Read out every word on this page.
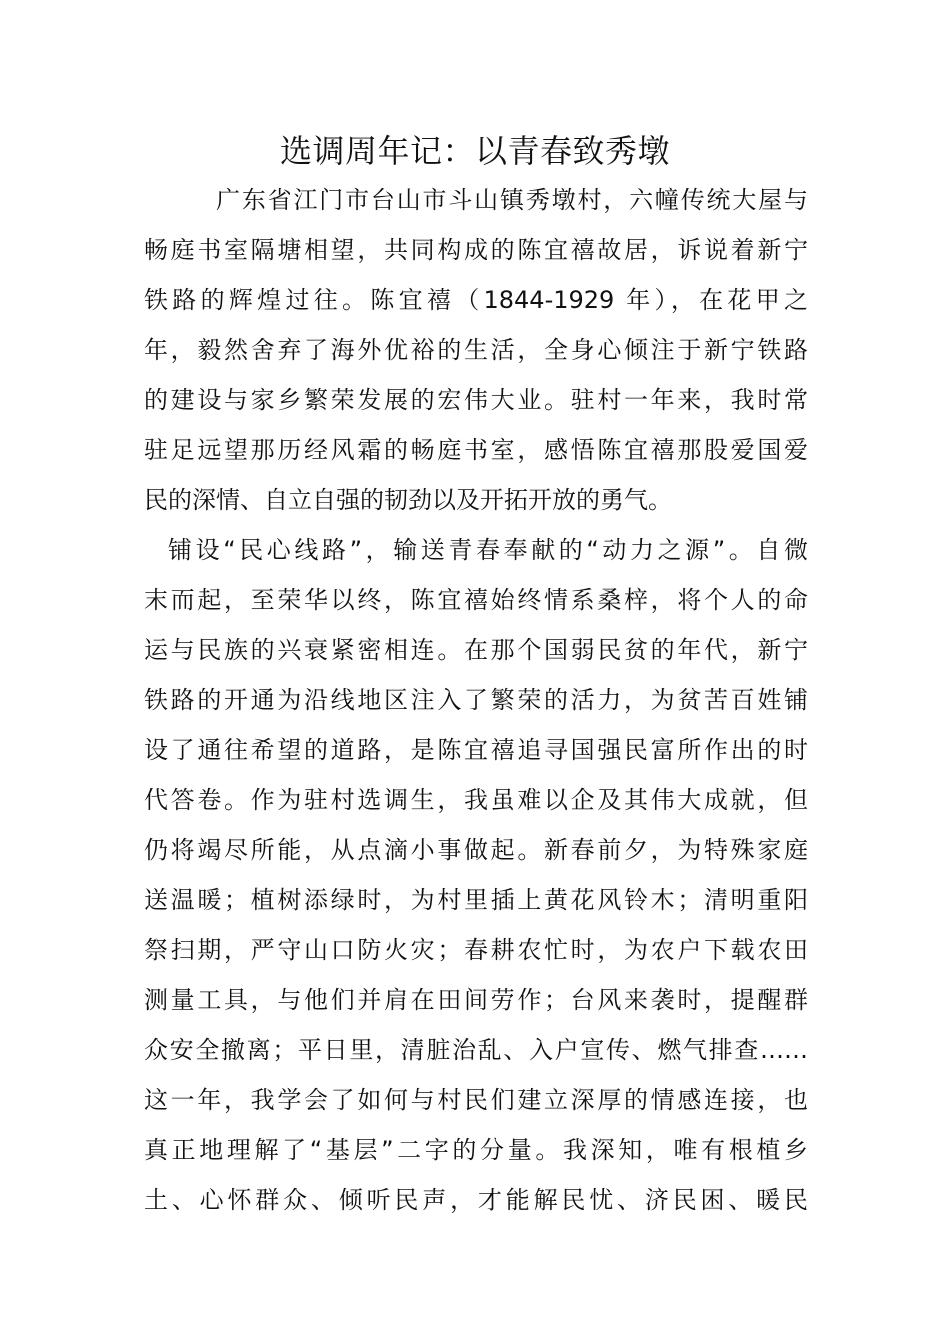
选调周年记：以青春致秀墩

广东省江门市台山市斗山镇秀墩村，六幢传统大屋与

畅庭书室隔塘相望，共同构成的陈宜禧故居，诉说着新宁

铁路的辉煌过往。陈宜禧（1844-1929 年），在花甲之

年，毅然舍弃了海外优裕的生活，全身心倾注于新宁铁路

的建设与家乡繁荣发展的宏伟大业。驻村一年来，我时常

驻足远望那历经风霜的畅庭书室，感悟陈宜禧那股爱国爱

民的深情、自立自强的韧劲以及开拓开放的勇气。

铺设“民心线路”，输送青春奉献的“动力之源”。自微

末而起，至荣华以终，陈宜禧始终情系桑梓，将个人的命

运与民族的兴衰紧密相连。在那个国弱民贫的年代，新宁

铁路的开通为沿线地区注入了繁荣的活力，为贫苦百姓铺

设了通往希望的道路，是陈宜禧追寻国强民富所作出的时

代答卷。作为驻村选调生，我虽难以企及其伟大成就，但

仍将竭尽所能，从点滴小事做起。新春前夕，为特殊家庭

送温暖；植树添绿时，为村里插上黄花风铃木；清明重阳

祭扫期，严守山口防火灾；春耕农忙时，为农户下载农田

测量工具，与他们并肩在田间劳作；台风来袭时，提醒群

众安全撤离；平日里，清脏治乱、入户宣传、燃气排查……

这一年，我学会了如何与村民们建立深厚的情感连接，也

真正地理解了“基层”二字的分量。我深知，唯有根植乡

土、心怀群众、倾听民声，才能解民忧、济民困、暖民
